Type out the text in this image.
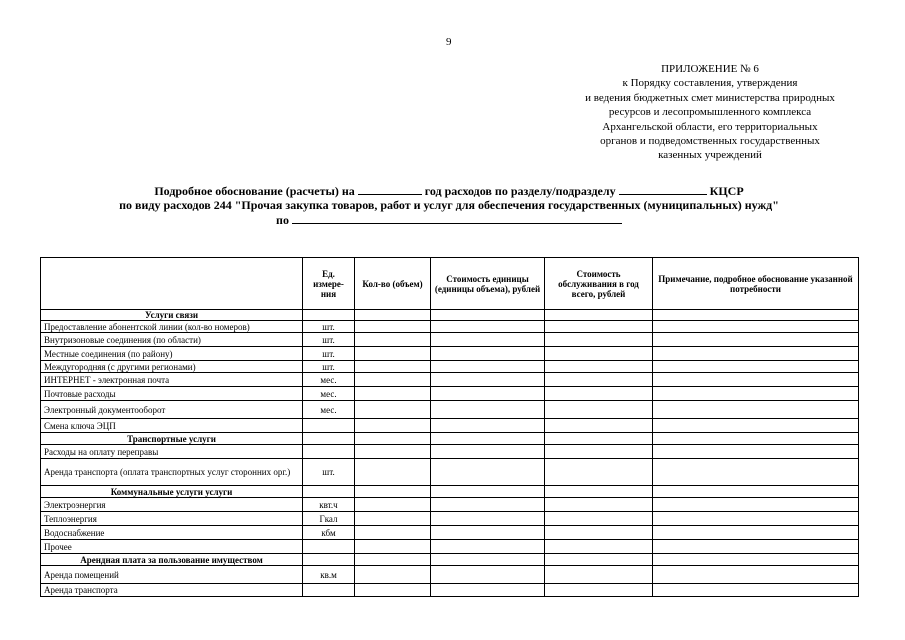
9
ПРИЛОЖЕНИЕ № 6
к Порядку составления, утверждения
и ведения бюджетных смет министерства природных
ресурсов и лесопромышленного комплекса
Архангельской области, его территориальных
органов и подведомственных государственных
казенных учреждений
Подробное обоснование (расчеты) на	год расходов по разделу/подразделу	КЦСР
по виду расходов 244 "Прочая закупка товаров, работ и услуг для обеспечения государственных (муниципальных) нужд"
по
	Ед. измере-ния	Кол-во (объем)	Стоимость единицы (единицы объема), рублей	Стоимость обслуживания в год всего, рублей	Примечание, подробное обоснование указанной потребности
Услуги связи					
Предоставление абонентской линии (кол-во номеров)	шт.				
Внутризоновые соединения (по области)	шт.				
Местные соединения (по району)	шт.				
Междугородняя (с другими регионами)	шт.				
ИНТЕРНЕТ - электронная почта	мес.				
Почтовые расходы	мес.				
Электронный документооборот	мес.				
Смена ключа ЭЦП					
Транспортные услуги					
Расходы на оплату переправы					
Аренда транспорта (оплата транспортных услуг сторонних орг.)	шт.				
Коммунальные услуги услуги					
Электроэнергия	квт.ч				
Теплоэнергия	Гкал				
Водоснабжение	кбм				
Прочее					
Арендная плата за пользование имуществом					
Аренда помещений	кв.м				
Аренда транспорта					
